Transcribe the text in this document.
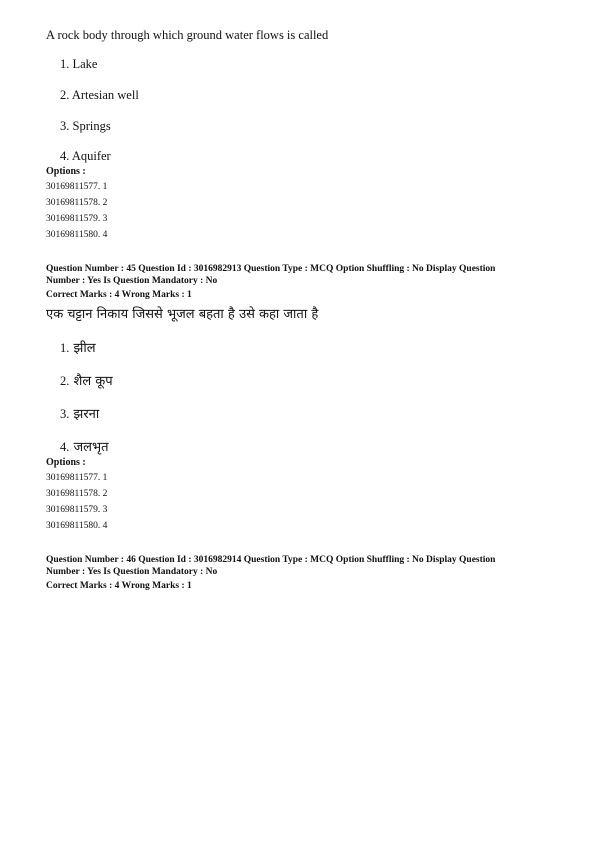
A rock body through which ground water flows is called
1. Lake
2. Artesian well
3. Springs
4. Aquifer
Options :
30169811577. 1
30169811578. 2
30169811579. 3
30169811580. 4
Question Number : 45 Question Id : 3016982913 Question Type : MCQ Option Shuffling : No Display Question
Number : Yes Is Question Mandatory : No
Correct Marks : 4 Wrong Marks : 1
एक चट्टान निकाय जिससे भूजल बहता है उसे कहा जाता है
1. झील
2. शैल कूप
3. झरना
4. जलभृत
Options :
30169811577. 1
30169811578. 2
30169811579. 3
30169811580. 4
Question Number : 46 Question Id : 3016982914 Question Type : MCQ Option Shuffling : No Display Question
Number : Yes Is Question Mandatory : No
Correct Marks : 4 Wrong Marks : 1
